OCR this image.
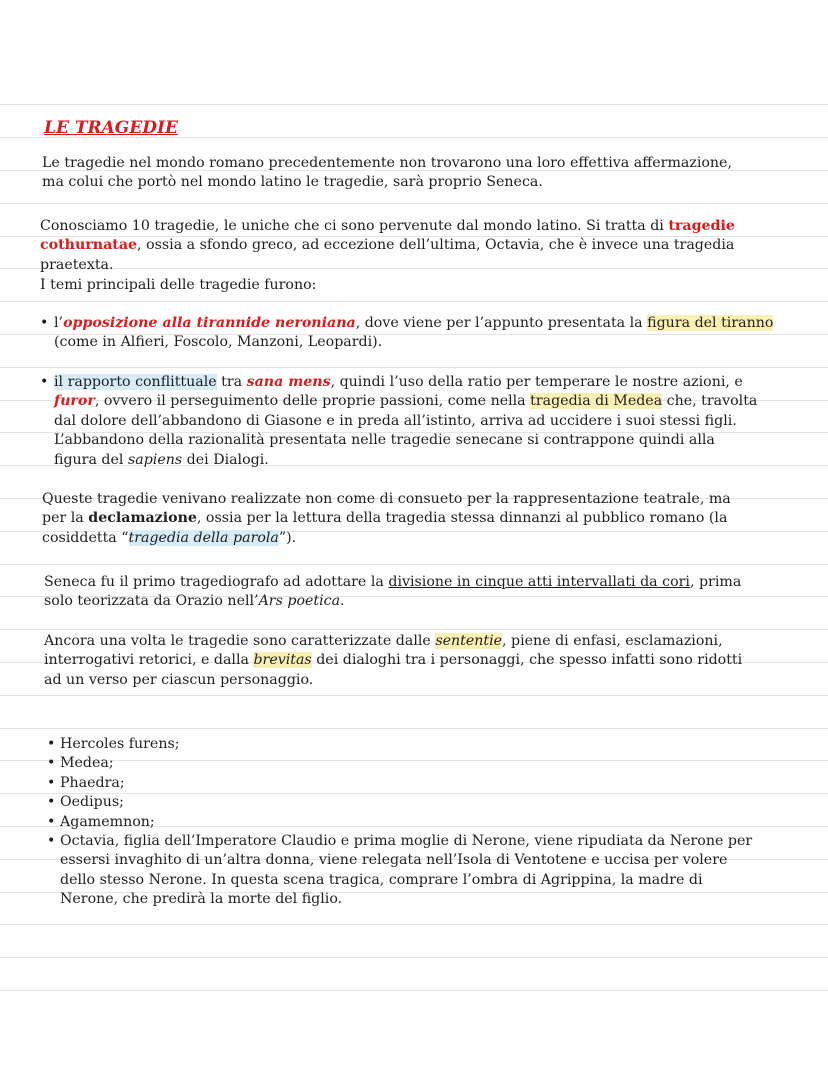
LE TRAGEDIE
Le tragedie nel mondo romano precedentemente non trovarono una loro effettiva affermazione, ma colui che portò nel mondo latino le tragedie, sarà proprio Seneca.
Conosciamo 10 tragedie, le uniche che ci sono pervenute dal mondo latino. Si tratta di tragedie cothurnatae, ossia a sfondo greco, ad eccezione dell’ultima, Octavia, che è invece una tragedia praetexta.
I temi principali delle tragedie furono:
• l’opposizione alla tirannide neroniana, dove viene per l’appunto presentata la figura del tiranno (come in Alfieri, Foscolo, Manzoni, Leopardi).
• il rapporto conflittuale tra sana mens, quindi l’uso della ratio per temperare le nostre azioni, e furor, ovvero il perseguimento delle proprie passioni, come nella tragedia di Medea che, travolta dal dolore dell’abbandono di Giasone e in preda all’istinto, arriva ad uccidere i suoi stessi figli.
L’abbandono della razionalità presentata nelle tragedie senecane si contrappone quindi alla figura del sapiens dei Dialogi.
Queste tragedie venivano realizzate non come di consueto per la rappresentazione teatrale, ma per la declamazione, ossia per la lettura della tragedia stessa dinnanzi al pubblico romano (la cosiddetta “tragedia della parola”).
Seneca fu il primo tragediografo ad adottare la divisione in cinque atti intervallati da cori, prima solo teorizzata da Orazio nell’Ars poetica.
Ancora una volta le tragedie sono caratterizzate dalle sententie, piene di enfasi, esclamazioni, interrogativi retorici, e dalla brevitas dei dialoghi tra i personaggi, che spesso infatti sono ridotti ad un verso per ciascun personaggio.
• Hercoles furens;
• Medea;
• Phaedra;
• Oedipus;
• Agamemnon;
• Octavia, figlia dell’Imperatore Claudio e prima moglie di Nerone, viene ripudiata da Nerone per essersi invaghito di un’altra donna, viene relegata nell’Isola di Ventotene e uccisa per volere dello stesso Nerone. In questa scena tragica, comprare l’ombra di Agrippina, la madre di Nerone, che predirà la morte del figlio.
